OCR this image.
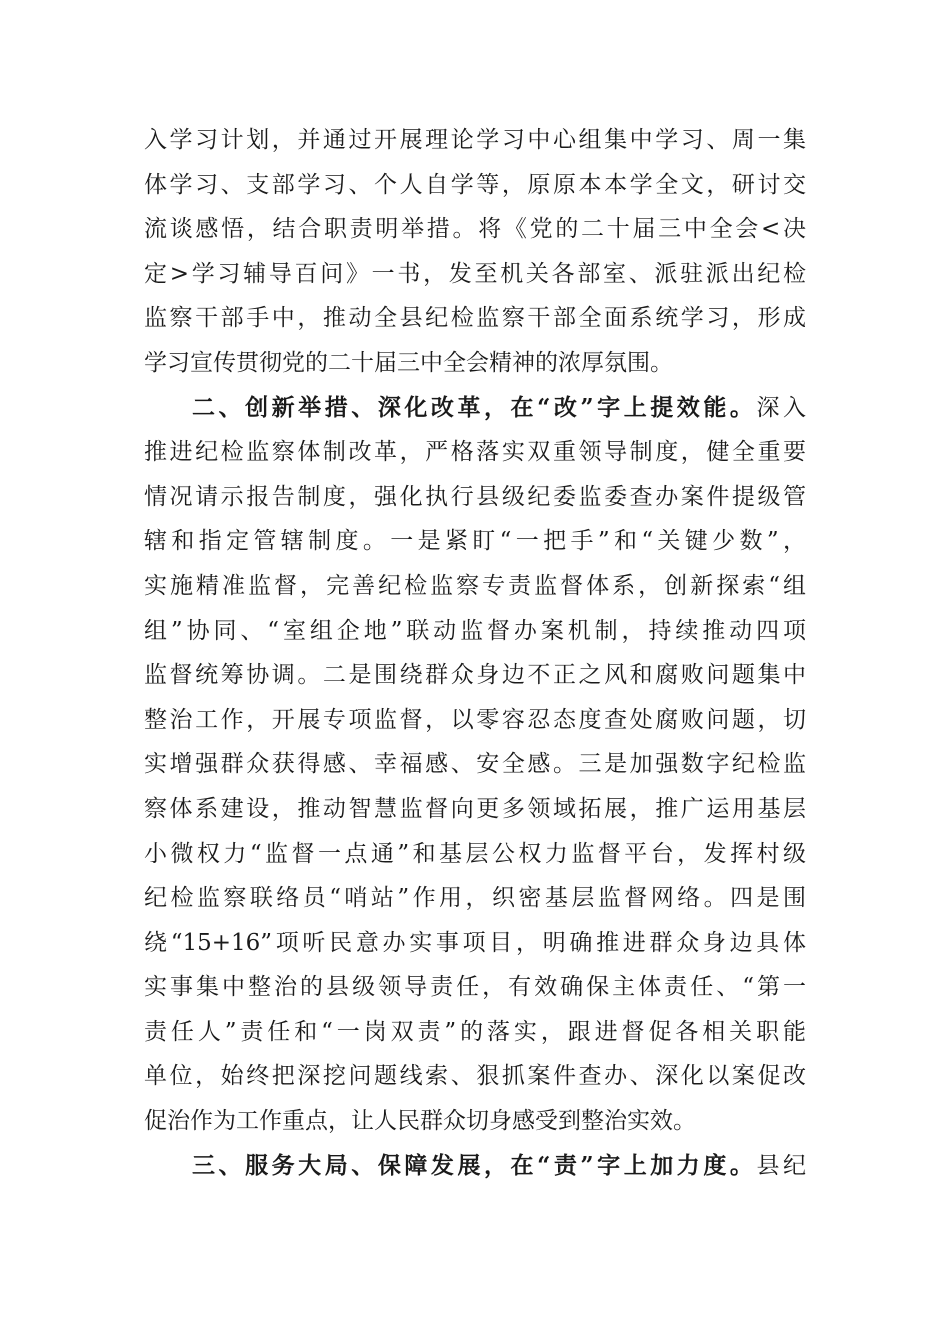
入学习计划，并通过开展理论学习中心组集中学习、周一集
体学习、支部学习、个人自学等，原原本本学全文，研讨交
流谈感悟，结合职责明举措。将《党的二十届三中全会<决
定>学习辅导百问》一书，发至机关各部室、派驻派出纪检
监察干部手中，推动全县纪检监察干部全面系统学习，形成
学习宣传贯彻党的二十届三中全会精神的浓厚氛围。
二、创新举措、深化改革，在“改”字上提效能。深入
推进纪检监察体制改革，严格落实双重领导制度，健全重要
情况请示报告制度，强化执行县级纪委监委查办案件提级管
辖和指定管辖制度。一是紧盯“一把手”和“关键少数”，
实施精准监督，完善纪检监察专责监督体系，创新探索“组
组”协同、“室组企地”联动监督办案机制，持续推动四项
监督统筹协调。二是围绕群众身边不正之风和腐败问题集中
整治工作，开展专项监督，以零容忍态度查处腐败问题，切
实增强群众获得感、幸福感、安全感。三是加强数字纪检监
察体系建设，推动智慧监督向更多领域拓展，推广运用基层
小微权力“监督一点通”和基层公权力监督平台，发挥村级
纪检监察联络员“哨站”作用，织密基层监督网络。四是围
绕“15+16”项听民意办实事项目，明确推进群众身边具体
实事集中整治的县级领导责任，有效确保主体责任、“第一
责任人”责任和“一岗双责”的落实，跟进督促各相关职能
单位，始终把深挖问题线索、狠抓案件查办、深化以案促改
促治作为工作重点，让人民群众切身感受到整治实效。
三、服务大局、保障发展，在“责”字上加力度。县纪
